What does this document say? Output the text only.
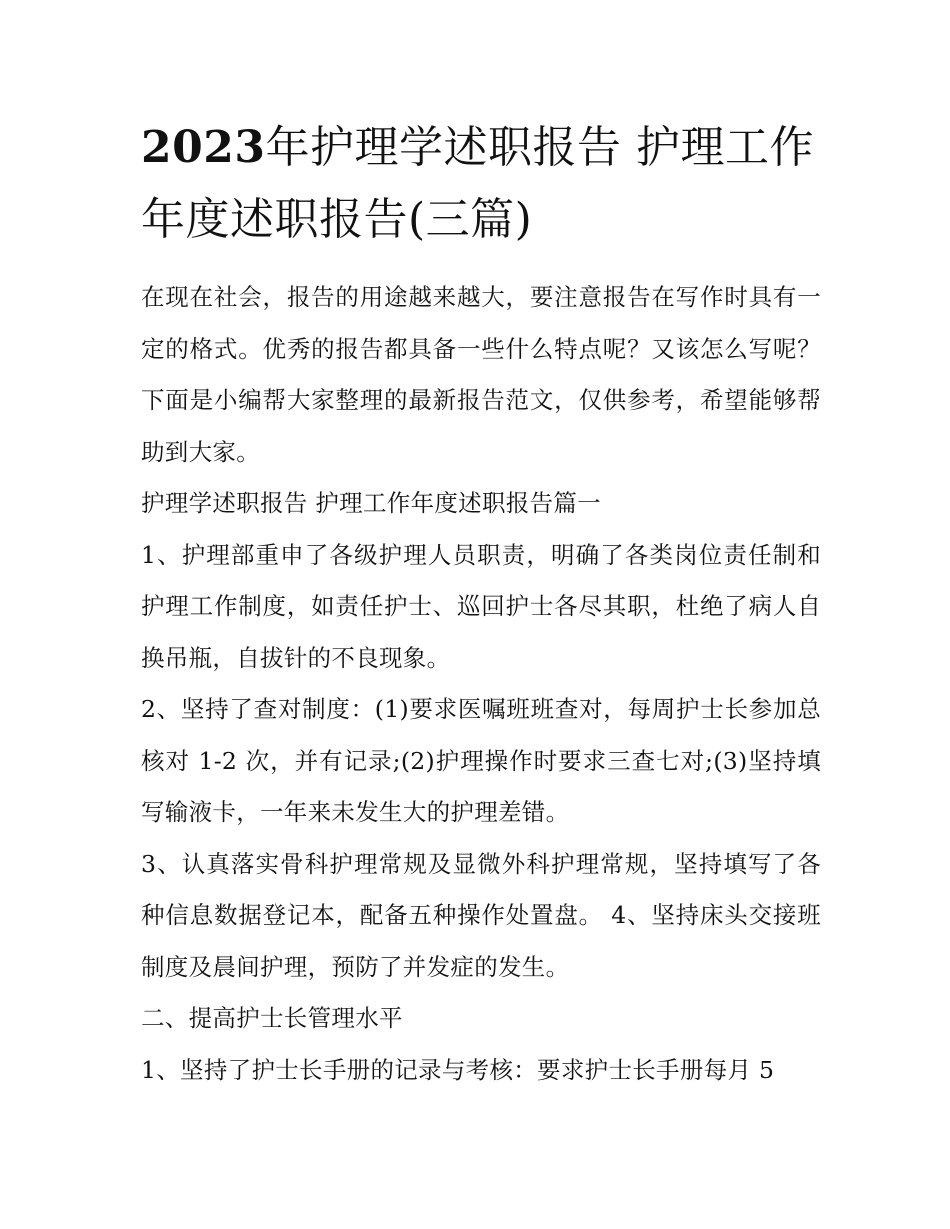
2023年护理学述职报告 护理工作年度述职报告(三篇)

在现在社会，报告的用途越来越大，要注意报告在写作时具有一定的格式。优秀的报告都具备一些什么特点呢？又该怎么写呢？下面是小编帮大家整理的最新报告范文，仅供参考，希望能够帮助到大家。

护理学述职报告 护理工作年度述职报告篇一

1、护理部重申了各级护理人员职责，明确了各类岗位责任制和护理工作制度，如责任护士、巡回护士各尽其职，杜绝了病人自换吊瓶，自拔针的不良现象。

2、坚持了查对制度：(1)要求医嘱班班查对，每周护士长参加总核对 1-2 次，并有记录;(2)护理操作时要求三查七对;(3)坚持填写输液卡，一年来未发生大的护理差错。

3、认真落实骨科护理常规及显微外科护理常规，坚持填写了各种信息数据登记本，配备五种操作处置盘。 4、坚持床头交接班制度及晨间护理，预防了并发症的发生。

二、提高护士长管理水平

1、坚持了护士长手册的记录与考核：要求护士长手册每月 5
